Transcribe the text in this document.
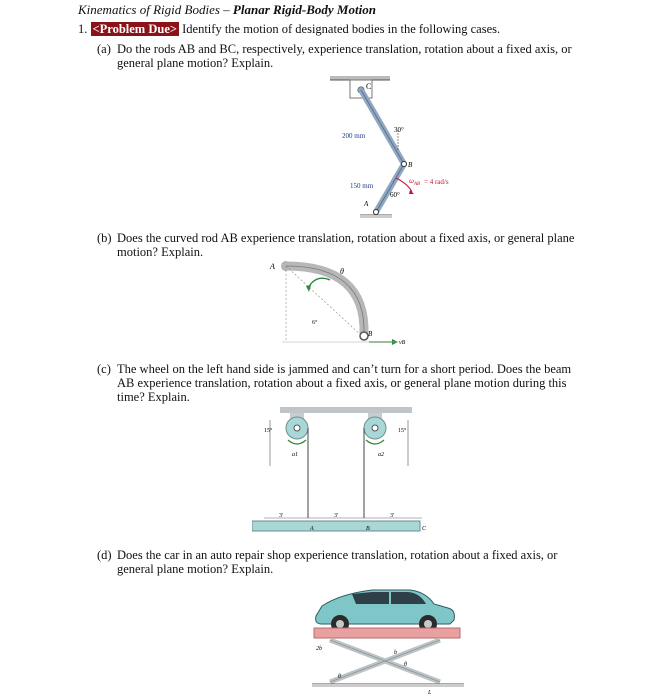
Kinematics of Rigid Bodies – Planar Rigid-Body Motion
1. <Problem Due> Identify the motion of designated bodies in the following cases.
(a) Do the rods AB and BC, respectively, experience translation, rotation about a fixed axis, or general plane motion? Explain.
C
200 mm
30°
B
150 mm
$\omega_{AB} = 4$ rad/s
60°
A
(b) Does the curved rod AB experience translation, rotation about a fixed axis, or general plane motion? Explain.
A
θ
6°
B
vB
(c) The wheel on the left hand side is jammed and can’t turn for a short period. Does the beam AB experience translation, rotation about a fixed axis, or general plane motion during this time? Explain.
15°	15°
a1	a2
3'	3'	3'
A	B	C
(d) Does the car in an auto repair shop experience translation, rotation about a fixed axis, or general plane motion? Explain.
2b
b
θ
θ
L
